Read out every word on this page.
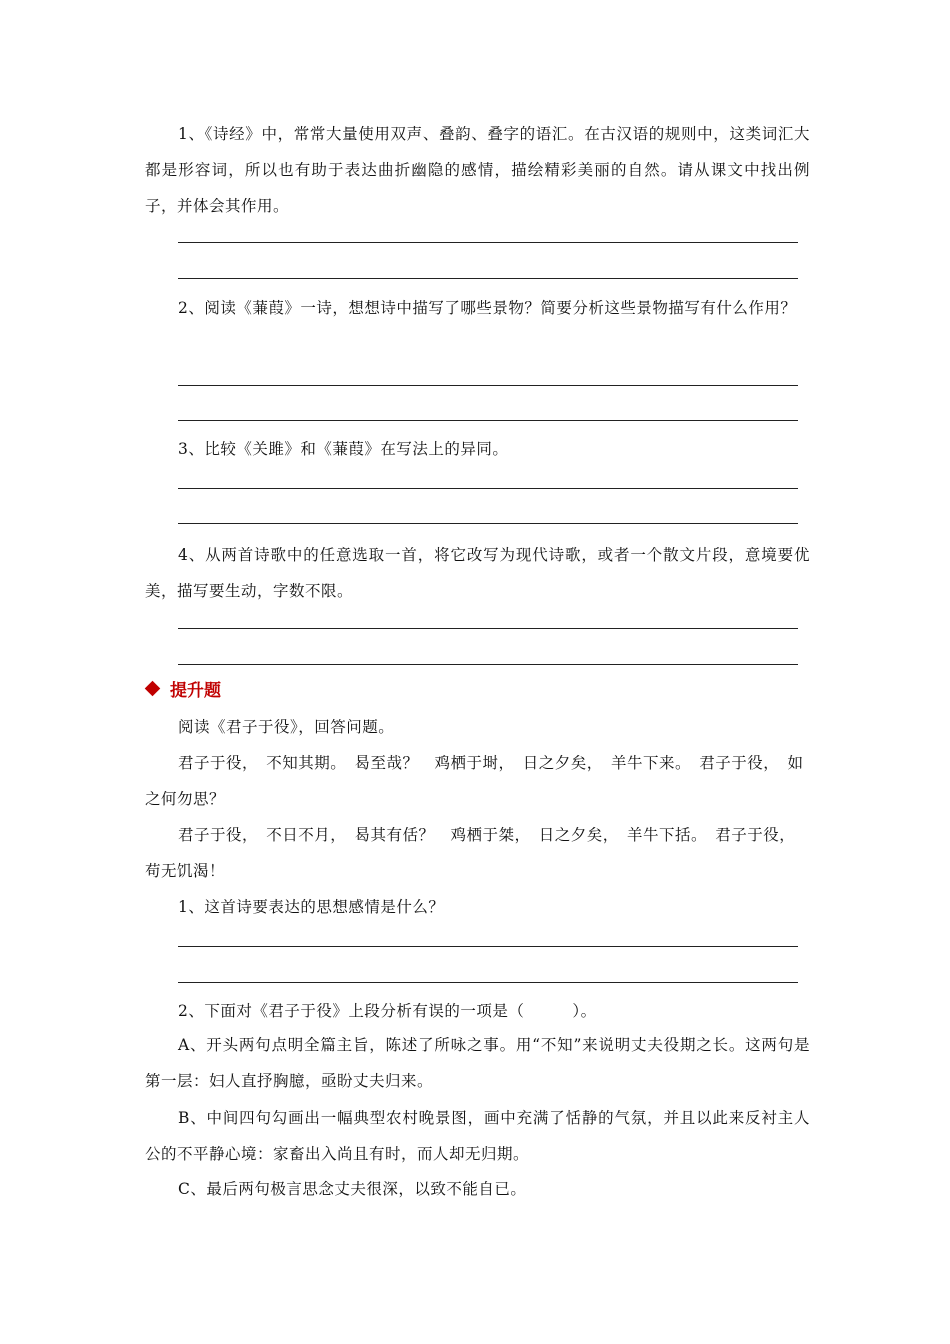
1、《诗经》中，常常大量使用双声、叠韵、叠字的语汇。在古汉语的规则中，这类词汇大都是形容词，所以也有助于表达曲折幽隐的感情，描绘精彩美丽的自然。请从课文中找出例子，并体会其作用。

2、阅读《蒹葭》一诗，想想诗中描写了哪些景物？简要分析这些景物描写有什么作用？

3、比较《关雎》和《蒹葭》在写法上的异同。

4、从两首诗歌中的任意选取一首，将它改写为现代诗歌，或者一个散文片段，意境要优美，描写要生动，字数不限。

提升题

阅读《君子于役》，回答问题。

君子于役，　不知其期。　曷至哉？　鸡栖于埘，　日之夕矣，　羊牛下来。　君子于役，　如之何勿思？

君子于役，　不日不月，　曷其有佸？　鸡栖于桀，　日之夕矣，　羊牛下括。　君子于役，　苟无饥渴！

1、这首诗要表达的思想感情是什么？

2、下面对《君子于役》上段分析有误的一项是（　　　）。

A、开头两句点明全篇主旨，陈述了所咏之事。用“不知”来说明丈夫役期之长。这两句是第一层：妇人直抒胸臆，亟盼丈夫归来。

B、中间四句勾画出一幅典型农村晚景图，画中充满了恬静的气氛，并且以此来反衬主人公的不平静心境：家畜出入尚且有时，而人却无归期。

C、最后两句极言思念丈夫很深，以致不能自已。
